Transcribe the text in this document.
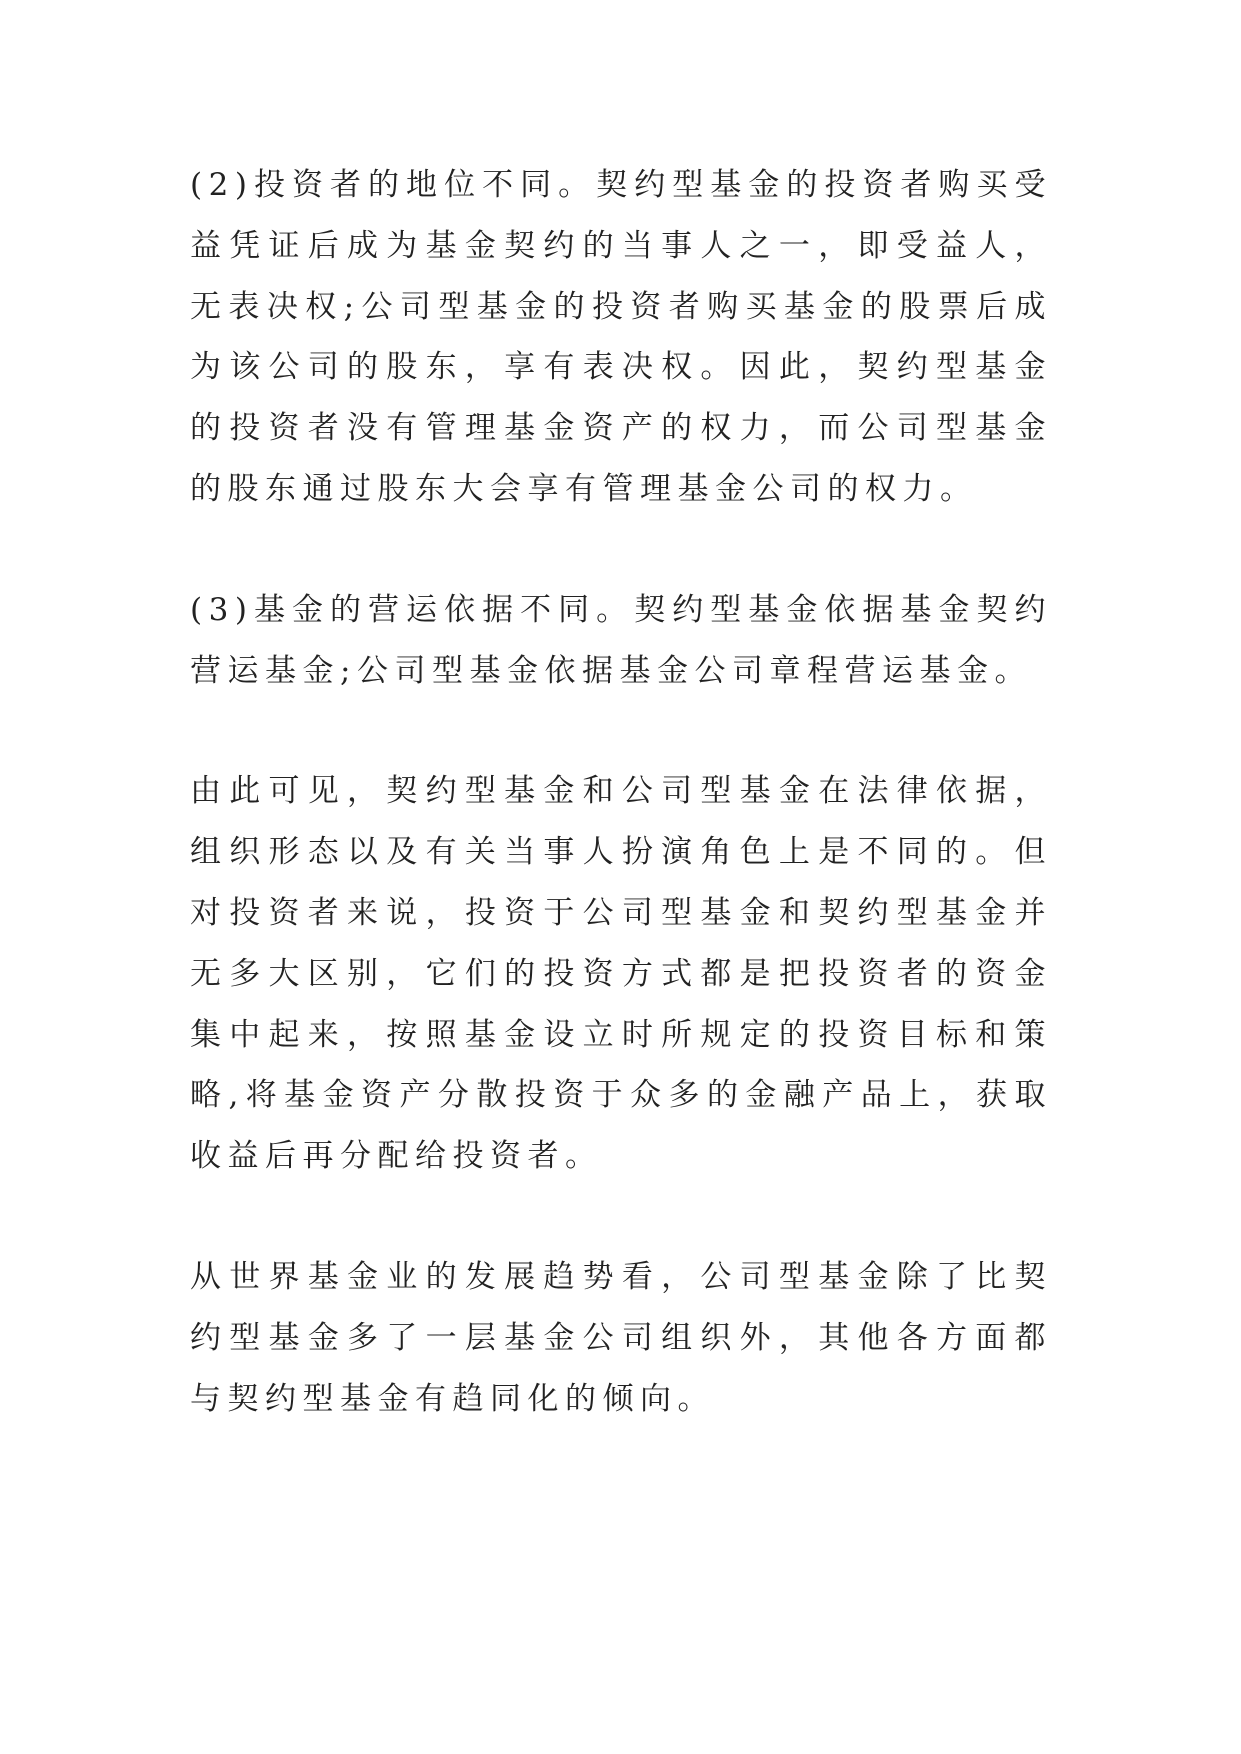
(2)投资者的地位不同。契约型基金的投资者购买受益凭证后成为基金契约的当事人之一，即受益人，无表决权;公司型基金的投资者购买基金的股票后成为该公司的股东，享有表决权。因此，契约型基金的投资者没有管理基金资产的权力，而公司型基金的股东通过股东大会享有管理基金公司的权力。

(3)基金的营运依据不同。契约型基金依据基金契约营运基金;公司型基金依据基金公司章程营运基金。

由此可见，契约型基金和公司型基金在法律依据，组织形态以及有关当事人扮演角色上是不同的。但对投资者来说，投资于公司型基金和契约型基金并无多大区别，它们的投资方式都是把投资者的资金集中起来，按照基金设立时所规定的投资目标和策略,将基金资产分散投资于众多的金融产品上，获取收益后再分配给投资者。

从世界基金业的发展趋势看，公司型基金除了比契约型基金多了一层基金公司组织外，其他各方面都与契约型基金有趋同化的倾向。
